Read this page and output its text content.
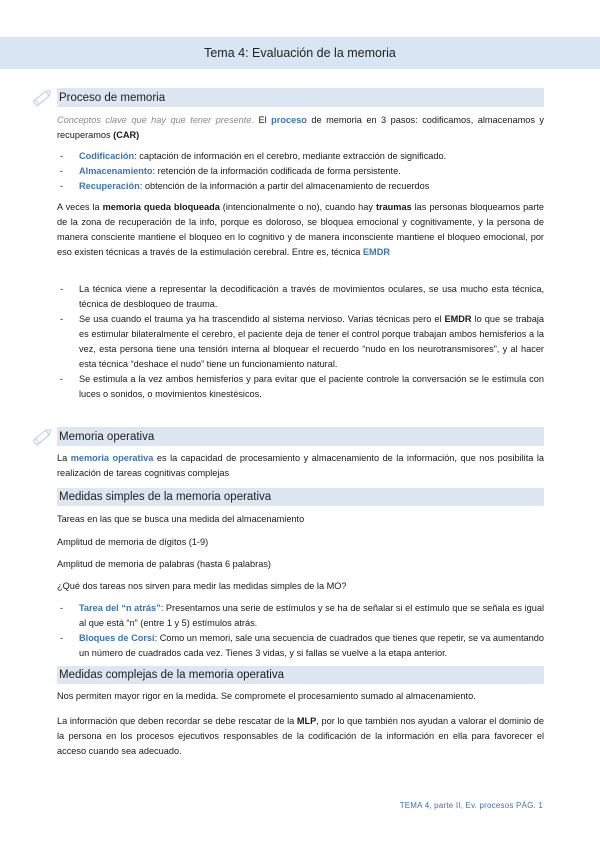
Tema 4: Evaluación de la memoria
Proceso de memoria
Conceptos clave que hay que tener presente. El proceso de memoria en 3 pasos: codificamos, almacenamos y recuperamos (CAR)
- Codificación: captación de información en el cerebro, mediante extracción de significado.
- Almacenamiento: retención de la información codificada de forma persistente.
- Recuperación: obtención de la información a partir del almacenamiento de recuerdos
A veces la memoria queda bloqueada (intencionalmente o no), cuando hay traumas las personas bloqueamos parte de la zona de recuperación de la info, porque es doloroso, se bloquea emocional y cognitivamente, y la persona de manera consciente mantiene el bloqueo en lo cognitivo y de manera inconsciente mantiene el bloqueo emocional, por eso existen técnicas a través de la estimulación cerebral. Entre es, técnica EMDR
- La técnica viene a representar la decodificación a través de movimientos oculares, se usa mucho esta técnica, técnica de desbloqueo de trauma.
- Se usa cuando el trauma ya ha trascendido al sistema nervioso. Varias técnicas pero el EMDR lo que se trabaja es estimular bilateralmente el cerebro, el paciente deja de tener el control porque trabajan ambos hemisferios a la vez, esta persona tiene una tensión interna al bloquear el recuerdo “nudo en los neurotransmisores”, y al hacer esta técnica “deshace el nudo” tiene un funcionamiento natural.
- Se estimula a la vez ambos hemisferios y para evitar que el paciente controle la conversación se le estimula con luces o sonidos, o movimientos kinestésicos.
Memoria operativa
La memoria operativa es la capacidad de procesamiento y almacenamiento de la información, que nos posibilita la realización de tareas cognitivas complejas
Medidas simples de la memoria operativa
Tareas en las que se busca una medida del almacenamiento
Amplitud de memoria de dígitos (1-9)
Amplitud de memoria de palabras (hasta 6 palabras)
¿Qué dos tareas nos sirven para medir las medidas simples de la MO?
- Tarea del “n atrás”: Presentamos una serie de estímulos y se ha de señalar si el estímulo que se señala es igual al que está “n” (entre 1 y 5) estímulos atrás.
- Bloques de Corsi: Como un memori, sale una secuencia de cuadrados que tienes que repetir, se va aumentando un número de cuadrados cada vez. Tienes 3 vidas, y si fallas se vuelve a la etapa anterior.
Medidas complejas de la memoria operativa
Nos permiten mayor rigor en la medida. Se compromete el procesamiento sumado al almacenamiento.
La información que deben recordar se debe rescatar de la MLP, por lo que también nos ayudan a valorar el dominio de la persona en los procesos ejecutivos responsables de la codificación de la información en ella para favorecer el acceso cuando sea adecuado.
TEMA 4, parte II, Ev. procesos PÁG. 1
